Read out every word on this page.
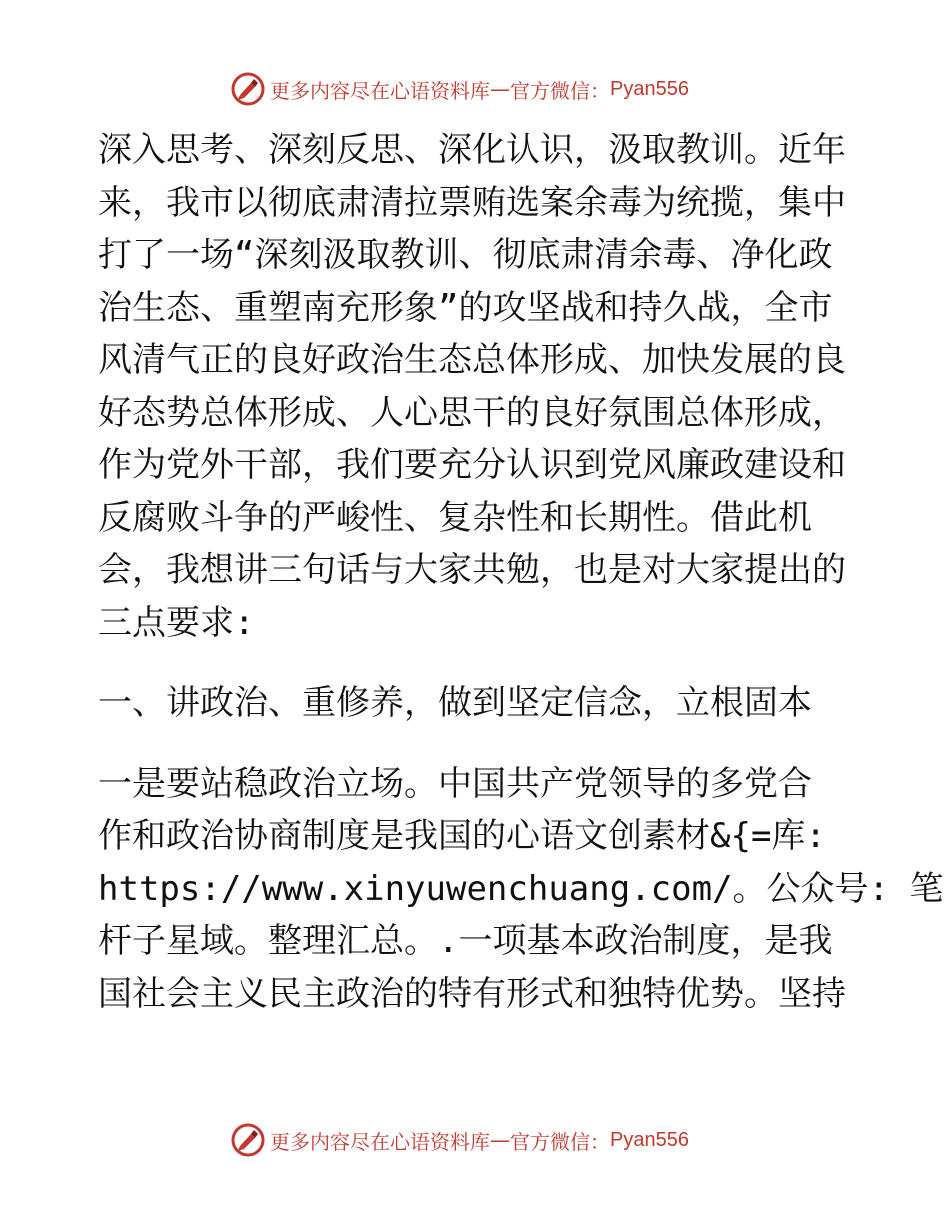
更多内容尽在心语资料库 — 官方微信： Pyan556
深入思考、深刻反思、深化认识，汲取教训。近年
来，我市以彻底肃清拉票贿选案余毒为统揽，集中
打了一场“深刻汲取教训、彻底肃清余毒、净化政
治生态、重塑南充形象”的攻坚战和持久战，全市
风清气正的良好政治生态总体形成、加快发展的良
好态势总体形成、人心思干的良好氛围总体形成，
作为党外干部，我们要充分认识到党风廉政建设和
反腐败斗争的严峻性、复杂性和长期性。借此机
会，我想讲三句话与大家共勉，也是对大家提出的
三点要求:
一、讲政治、重修养，做到坚定信念，立根固本
一是要站稳政治立场。中国共产党领导的多党合
作和政治协商制度是我国的心语文创素材&{=库:
https://www.xinyuwenchuang.com/。公众号: 笔
杆子星域。整理汇总。.一项基本政治制度，是我
国社会主义民主政治的特有形式和独特优势。坚持
更多内容尽在心语资料库 — 官方微信： Pyan556
